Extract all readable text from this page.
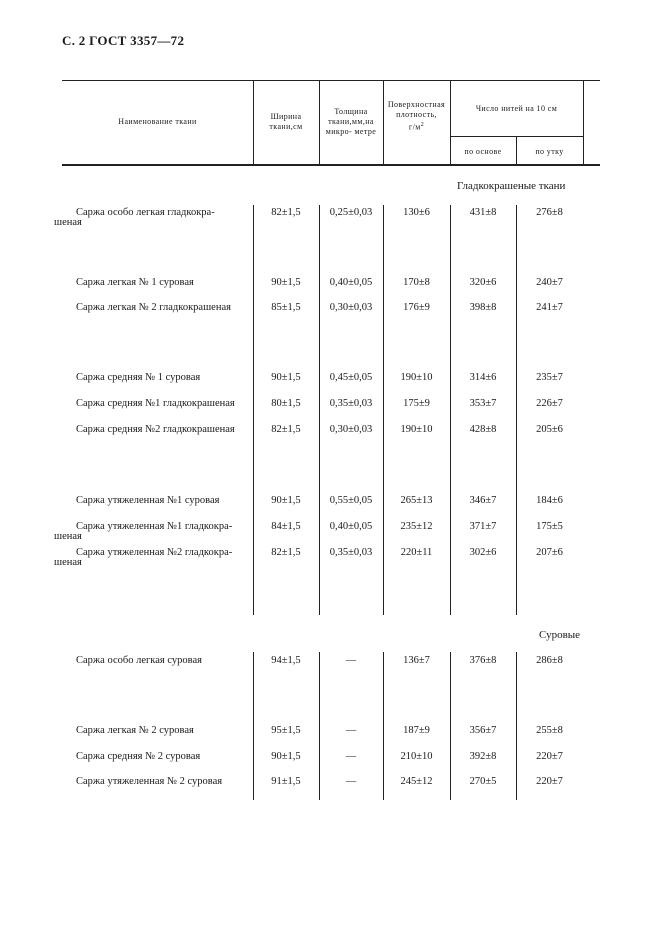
С. 2 ГОСТ 3357—72
Наименование ткани
Ширина ткани,см
Толщина ткани,мм,на микро- метре
Поверхностная плотность,
$г/м^2$
Число нитей на 10 см
по основе	по утку
Гладкокрашеные ткани
Суровые
Саржа особо легкая гладкокра-
шеная
82±1,5	0,25±0,03	130±6	431±8	276±8
Саржа легкая № 1 суровая	90±1,5	0,40±0,05	170±8	320±6	240±7
Саржа легкая № 2 гладкокрашеная	85±1,5	0,30±0,03	176±9	398±8	241±7
Саржа средняя № 1 суровая	90±1,5	0,45±0,05	190±10	314±6	235±7
Саржа средняя №1 гладкокрашеная	80±1,5	0,35±0,03	175±9	353±7	226±7
Саржа средняя №2 гладкокрашеная	82±1,5	0,30±0,03	190±10	428±8	205±6
Саржа утяжеленная №1 суровая	90±1,5	0,55±0,05	265±13	346±7	184±6
Саржа утяжеленная №1 гладкокра-
шеная
84±1,5	0,40±0,05	235±12	371±7	175±5
Саржа утяжеленная №2 гладкокра-
шеная
82±1,5	0,35±0,03	220±11	302±6	207±6
Саржа особо легкая суровая	94±1,5	—	136±7	376±8	286±8
Саржа легкая № 2 суровая	95±1,5	—	187±9	356±7	255±8
Саржа средняя № 2 суровая	90±1,5	—	210±10	392±8	220±7
Саржа утяжеленная № 2 суровая	91±1,5	—	245±12	270±5	220±7
